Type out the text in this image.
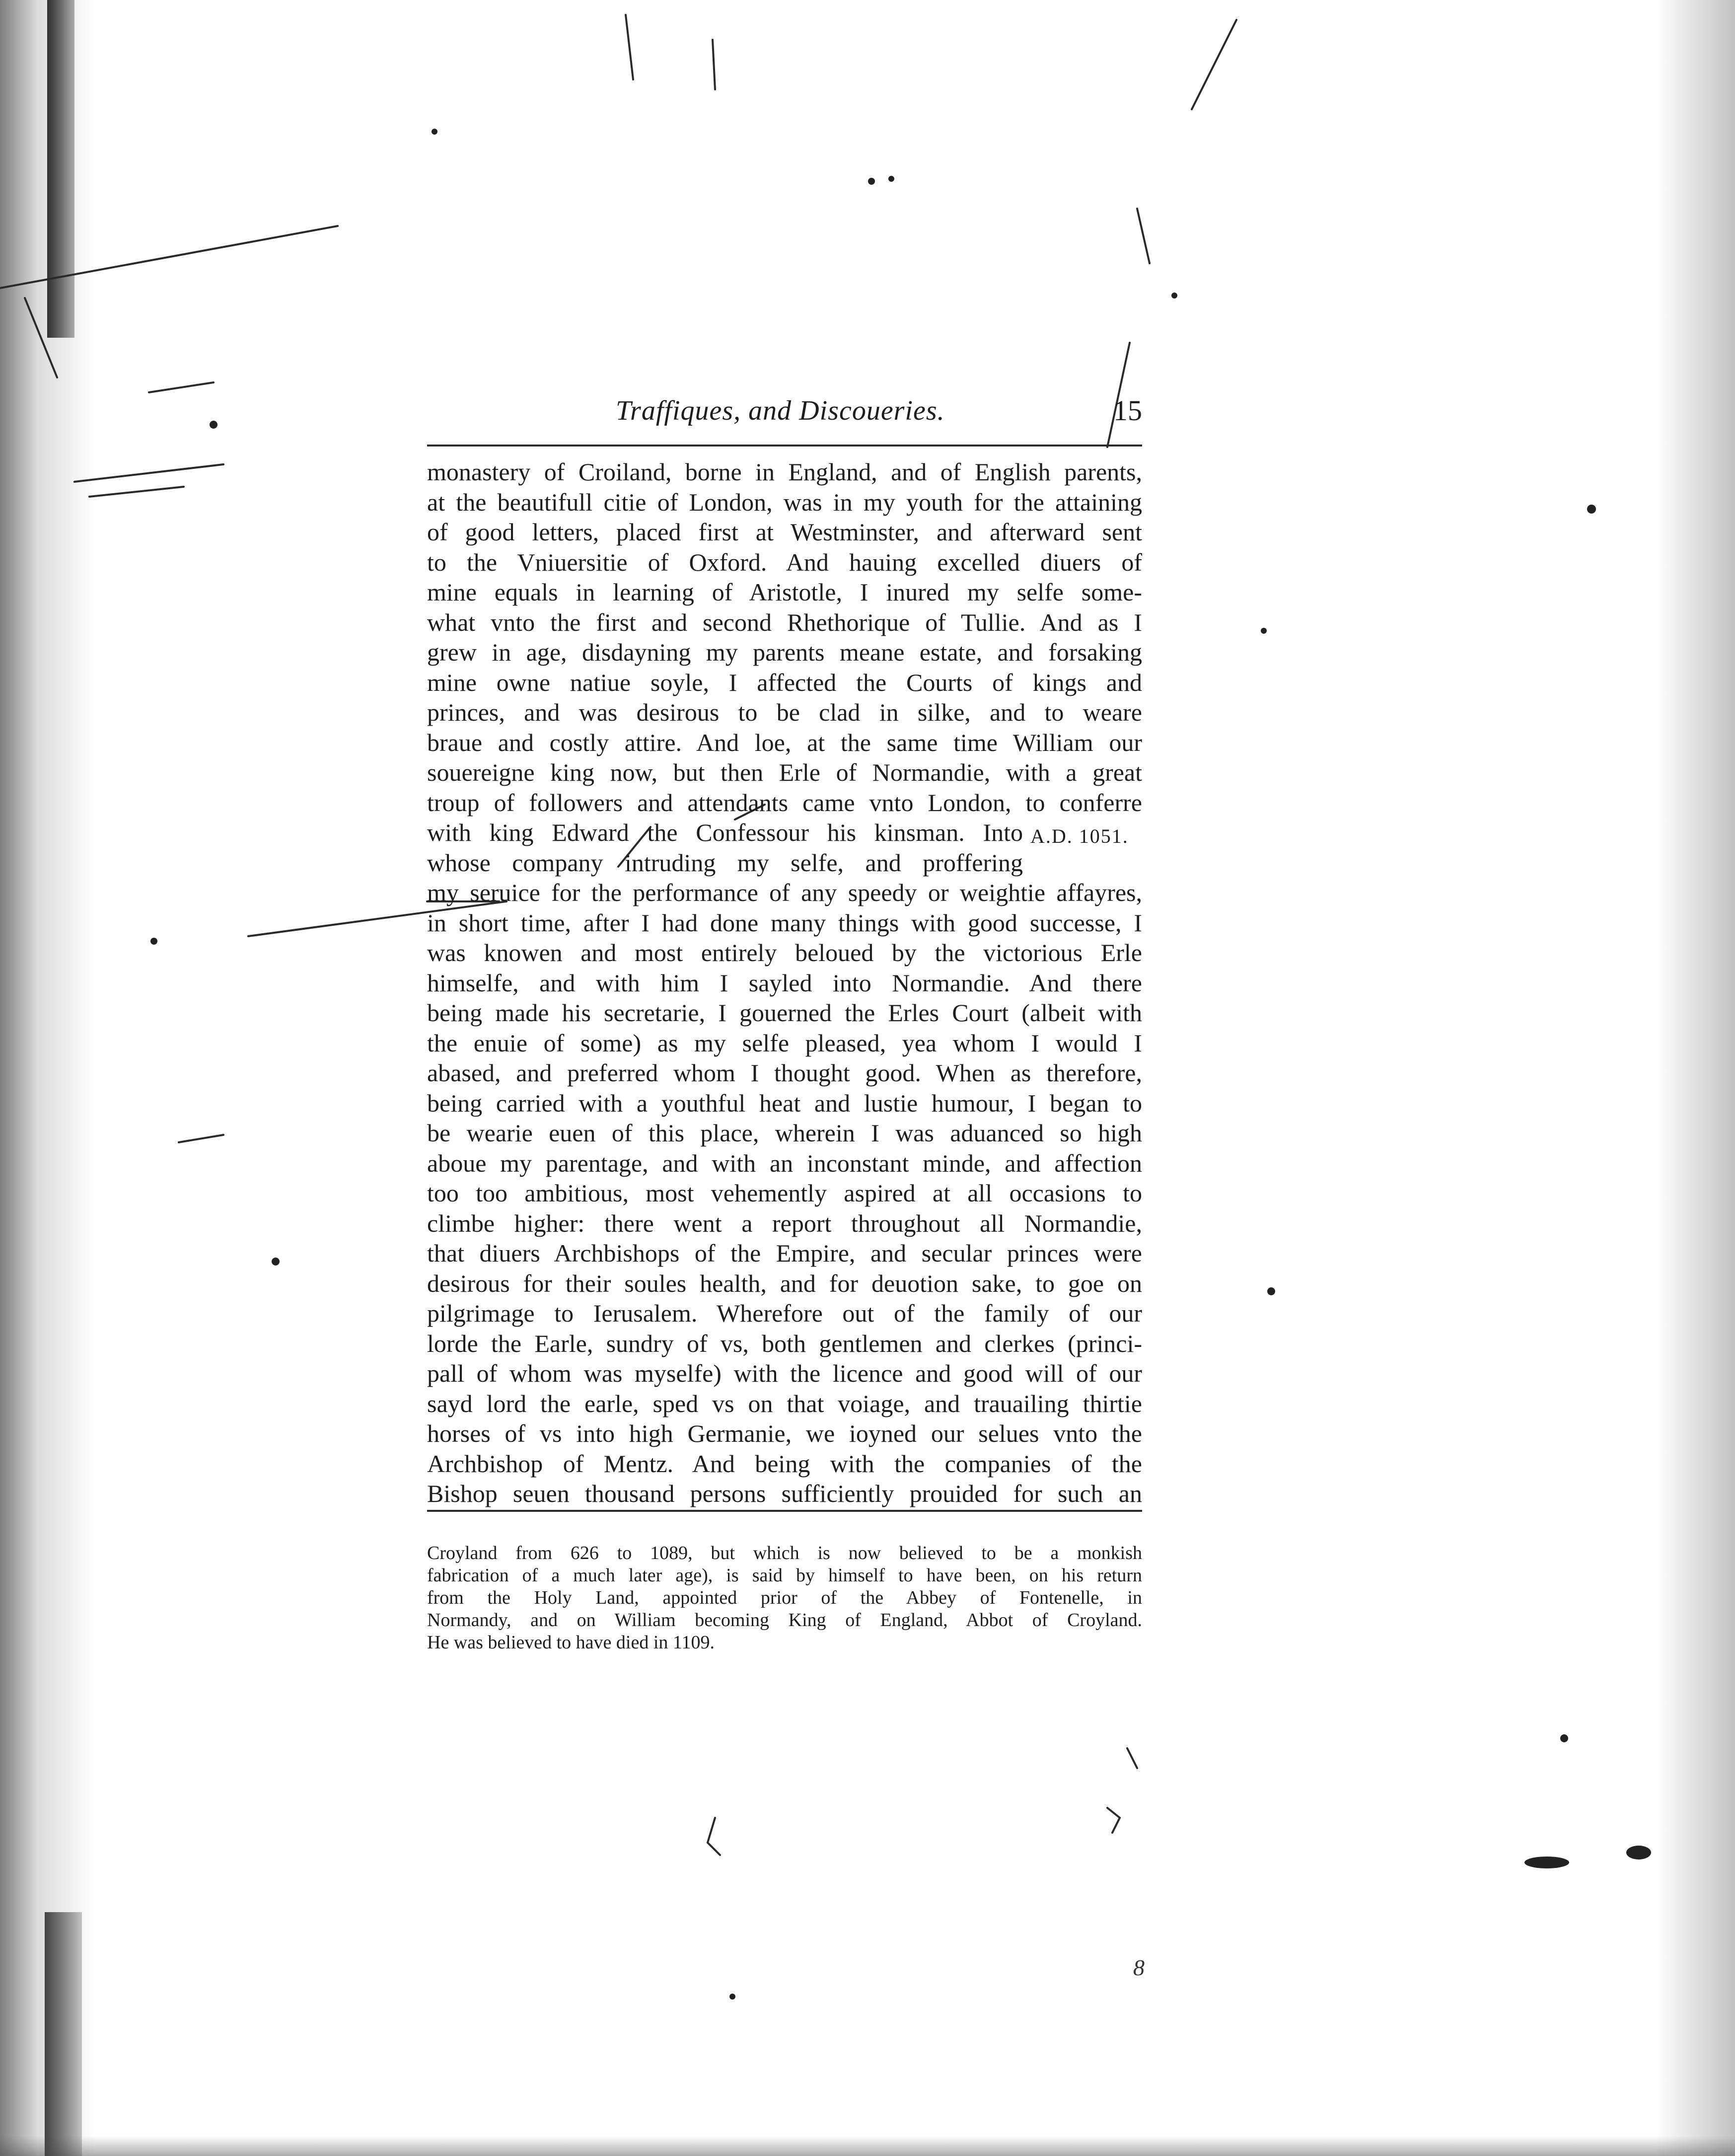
Traffiques, and Discoueries.	15
monastery of Croiland, borne in England, and of English parents,
at the beautifull citie of London, was in my youth for the attaining
of good letters, placed first at Westminster, and afterward sent
to the Vniuersitie of Oxford. And hauing excelled diuers of
mine equals in learning of Aristotle, I inured my selfe some-
what vnto the first and second Rhethorique of Tullie. And as I
grew in age, disdayning my parents meane estate, and forsaking
mine owne natiue soyle, I affected the Courts of kings and
princes, and was desirous to be clad in silke, and to weare
braue and costly attire. And loe, at the same time William our
souereigne king now, but then Erle of Normandie, with a great
troup of followers and attendants came vnto London, to conferre
with king Edward the Confessour his kinsman. Into
whose company intruding my selfe, and proffering
my seruice for the performance of any speedy or weightie affayres,
in short time, after I had done many things with good successe, I
was knowen and most entirely beloued by the victorious Erle
himselfe, and with him I sayled into Normandie. And there
being made his secretarie, I gouerned the Erles Court (albeit with
the enuie of some) as my selfe pleased, yea whom I would I
abased, and preferred whom I thought good. When as therefore,
being carried with a youthful heat and lustie humour, I began to
be wearie euen of this place, wherein I was aduanced so high
aboue my parentage, and with an inconstant minde, and affection
too too ambitious, most vehemently aspired at all occasions to
climbe higher: there went a report throughout all Normandie,
that diuers Archbishops of the Empire, and secular princes were
desirous for their soules health, and for deuotion sake, to goe on
pilgrimage to Ierusalem. Wherefore out of the family of our
lorde the Earle, sundry of vs, both gentlemen and clerkes (princi-
pall of whom was myselfe) with the licence and good will of our
sayd lord the earle, sped vs on that voiage, and trauailing thirtie
horses of vs into high Germanie, we ioyned our selues vnto the
Archbishop of Mentz. And being with the companies of the
Bishop seuen thousand persons sufficiently prouided for such an
A.D. 1051.
Croyland from 626 to 1089, but which is now believed to be a monkish
fabrication of a much later age), is said by himself to have been, on his return
from the Holy Land, appointed prior of the Abbey of Fontenelle, in
Normandy, and on William becoming King of England, Abbot of Croyland.
He was believed to have died in 1109.
8
